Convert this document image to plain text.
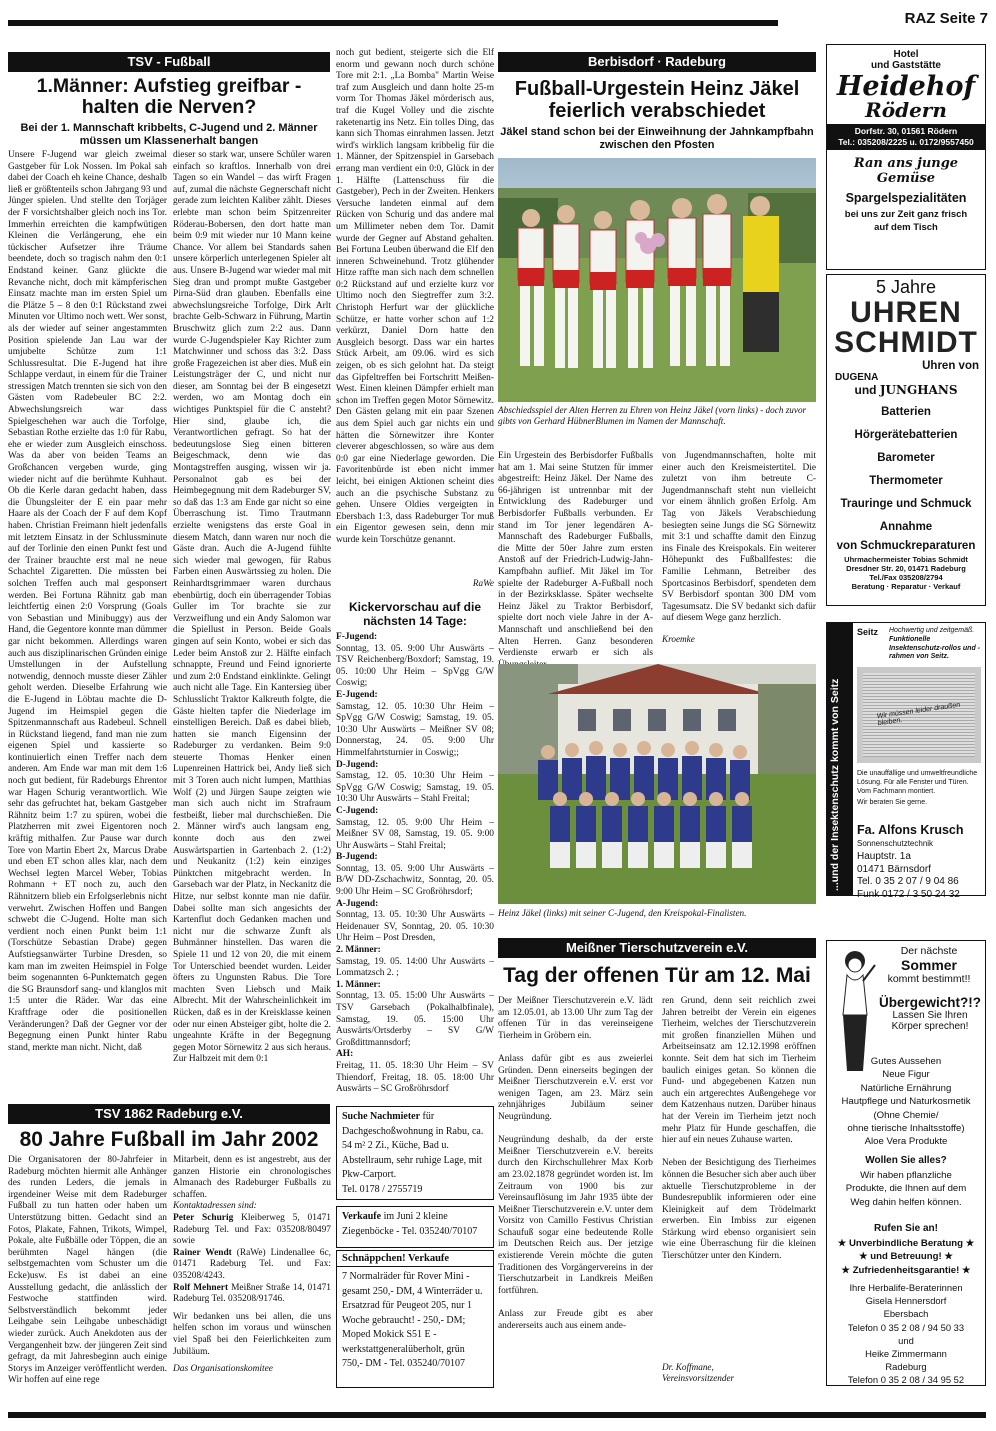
RAZ Seite 7
TSV - Fußball
1.Männer: Aufstieg greifbar - halten die Nerven?
Bei der 1. Mannschaft kribbelts, C-Jugend und 2. Männer müssen um Klassenerhalt bangen

Unsere F-Jugend war gleich zweimal Gastgeber für Lok Nossen. Im Pokal sah dabei der Coach eh keine Chance, deshalb ließ er größtenteils schon Jahrgang 93 und Jünger spielen. Und stellte den Torjäger der F vorsichtshalber gleich noch ins Tor. Immerhin erreichten die kampfwütigen Kleinen die Verlängerung, ehe ein tückischer Aufsetzer ihre Träume beendete, doch so tragisch nahm den 0:1 Endstand keiner. Ganz glückte die Revanche nicht, doch mit kämpferischen Einsatz machte man im ersten Spiel um die Plätze 5 – 8 den 0:1 Rückstand zwei Minuten vor Ultimo noch wett. Wer sonst, als der wieder auf seiner angestammten Position spielende Jan Lau war der umjubelte Schütze zum 1:1 Schlussresultat. Die E-Jugend hat ihre Schlappe verdaut, in einem für die Trainer stressigen Match trennten sie sich von den Gästen vom Radebeuler BC 2:2. Abwechslungsreich war dass Spielgeschehen war auch die Torfolge, Sebastian Rothe erzielte das 1:0 für Rabu, ehe er wieder zum Ausgleich einschoss. Was da aber von beiden Teams an Großchancen vergeben wurde, ging wieder nicht auf die berühmte Kuhhaut. Ob die Kerle daran gedacht haben, dass die Übungsleiter der E ein paar mehr Haare als der Coach der F auf dem Kopf haben. Christian Freimann hielt jedenfalls mit letztem Einsatz in der Schlussminute auf der Torlinie den einen Punkt fest und der Trainer brauchte erst mal ne neue Schachtel Zigaretten. Die müssten bei solchen Treffen auch mal gesponsert werden. Bei Fortuna Rähnitz gab man leichtfertig einen 2:0 Vorsprung (Goals von Sebastian und Minibuggy) aus der Hand, die Gegentore konnte man dümmer gar nicht bekommen. Allerdings waren auch aus disziplinarischen Gründen einige Umstellungen in der Aufstellung notwendig, dennoch musste dieser Zähler geholt werden. Dieselbe Erfahrung wie die E-Jugend in Löbtau machte die D-Jugend im Heimspiel gegen die Spitzenmannschaft aus Radebeul. Schnell in Rückstand liegend, fand man nie zum eigenen Spiel und kassierte so kontinuierlich einen Treffer nach dem anderen. Am Ende war man mit dem 1:6 noch gut bedient, für Radeburgs Ehrentor war Hagen Schurig verantwortlich. Wie sehr das gefruchtet hat, bekam Gastgeber Rähnitz beim 1:7 zu spüren, wobei die Platzherren mit zwei Eigentoren noch kräftig mithalfen. Zur Pause war durch Tore von Martin Ebert 2x, Marcus Drabe und eben ET schon alles klar, nach dem Wechsel legten Marcel Weber, Tobias Rohmann + ET noch zu, auch den Rähnitzern blieb ein Erfolgserlebnis nicht verwehrt. Zwischen Hoffen und Bangen schwebt die C-Jugend. Holte man sich verdient noch einen Punkt beim 1:1 (Torschütze Sebastian Drabe) gegen Aufstiegsanwärter Turbine Dresden, so kam man im zweiten Heimspiel in Folge beim sogenannten 6-Punktematch gegen die SG Braunsdorf sang- und klanglos mit 1:5 unter die Räder. War das eine Kraftfrage oder die positionellen Veränderungen? Daß der Gegner vor der Begegnung einen Punkt hinter Rabu stand, merkte man nicht. Nicht, daß

dieser so stark war, unsere Schüler waren einfach so kraftlos. Innerhalb von drei Tagen so ein Wandel – das wirft Fragen auf, zumal die nächste Gegnerschaft nicht gerade zum leichten Kaliber zählt. Dieses erlebte man schon beim Spitzenreiter Röderau-Bobersen, den dort hatte man beim 0:9 mit wieder nur 10 Mann keine Chance. Vor allem bei Standards sahen unsere körperlich unterlegenen Spieler alt aus. Unsere B-Jugend war wieder mal mit Sieg dran und prompt mußte Gastgeber Pirna-Süd dran glauben. Ebenfalls eine abwechslungsreiche Torfolge, Dirk Arlt brachte Gelb-Schwarz in Führung, Martin Bruschwitz glich zum 2:2 aus. Dann wurde C-Jugendspieler Kay Richter zum Matchwinner und schoss das 3:2. Dass große Fragezeichen ist aber dies. Muß ein Leistungsträger der C, und nicht nur dieser, am Sonntag bei der B eingesetzt werden, wo am Montag doch ein wichtiges Punktspiel für die C ansteht? Hier sind, glaube ich, die Verantwortlichen gefragt. So hat der bedeutungslose Sieg einen bitteren Beigeschmack, denn wie das Montagstreffen ausging, wissen wir ja. Personalnot gab es bei der Heimbegegnung mit dem Radeburger SV, so daß das 1:3 am Ende gar nicht so eine Überraschung ist. Timo Trautmann erzielte wenigstens das erste Goal in diesem Match, dann waren nur noch die Gäste dran. Auch die A-Jugend fühlte sich wieder mal gewogen, für Rabus Farben einen Auswärtssieg zu holen. Die Reinhardtsgrimmaer waren durchaus ebenbürtig, doch ein überragender Tobias Guller im Tor brachte sie zur Verzweiflung und ein Andy Salomon war die Spiellust in Person. Beide Goals gingen auf sein Konto, wobei er sich das Leder beim Anstoß zur 2. Hälfte einfach schnappte, Freund und Feind ignorierte und zum 2:0 Endstand einklinkte. Gelingt auch nicht alle Tage. Ein Kantersieg über Schlusslicht Traktor Kalkreuth folgte, die Gäste hielten tapfer die Niederlage im einstelligen Bereich. Daß es dabei blieb, hatten sie manch Eigensinn der Radeburger zu verdanken. Beim 9:0 steuerte Thomas Henker einen Lupenreinen Hattrick bei, Andy ließ sich mit 3 Toren auch nicht lumpen, Matthias Wolf (2) und Jürgen Saupe zeigten wie man sich auch nicht im Strafraum festbeißt, lieber mal durchschießen. Die 2. Männer wird's auch langsam eng, konnte doch aus den zwei Auswärtspartien in Gartenbach 2. (1:2) und Neukanitz (1:2) kein einziges Pünktchen mitgebracht werden. In Garsebach war der Platz, in Neckanitz die Hitze, nur selbst konnte man nie dafür. Dabei sollte man sich angesichts der Kartenflut doch Gedanken machen und nicht nur die schwarze Zunft als Buhmänner hinstellen. Das waren die Spiele 11 und 12 von 20, die mit einem Tor Unterschied beendet wurden. Leider öfters zu Ungunsten Rabus. Die Tore machten Sven Liebsch und Maik Albrecht. Mit der Wahrscheinlichkeit im Rücken, daß es in der Kreisklasse keinen oder nur einen Absteiger gibt, holte die 2. ungeahnte Kräfte in der Begegnung gegen Motor Sörnewitz 2 aus sich heraus. Zur Halbzeit mit dem 0:1

noch gut bedient, steigerte sich die Elf enorm und gewann noch durch schöne Tore mit 2:1. „La Bomba" Martin Weise traf zum Ausgleich und dann holte 25-m vorm Tor Thomas Jäkel mörderisch aus, traf die Kugel Volley und die zischte raketenartig ins Netz. Ein tolles Ding, das kann sich Thomas einrahmen lassen. Jetzt wird's wirklich langsam kribbelig für die 1. Männer, der Spitzenspiel in Garsebach errang man verdient ein 0:0, Glück in der 1. Hälfte (Lattenschuss für die Gastgeber), Pech in der Zweiten. Henkers Versuche landeten einmal auf dem Rücken von Schurig und das andere mal um Millimeter neben dem Tor. Damit wurde der Gegner auf Abstand gehalten. Bei Fortuna Leuben überwand die Elf den inneren Schweinehund. Trotz glühender Hitze raffte man sich nach dem schnellen 0:2 Rückstand auf und erzielte kurz vor Ultimo noch den Siegtreffer zum 3:2. Christoph Herfurt war der glückliche Schütze, er hatte vorher schon auf 1:2 verkürzt, Daniel Dorn hatte den Ausgleich besorgt. Dass war ein hartes Stück Arbeit, am 09.06. wird es sich zeigen, ob es sich gelohnt hat. Da steigt das Gipfeltreffen bei Fortschritt Meißen-West. Einen kleinen Dämpfer erhielt man schon im Treffen gegen Motor Sörnewitz. Den Gästen gelang mit ein paar Szenen aus dem Spiel auch gar nichts ein und hätten die Sörnewitzer ihre Konter cleverer abgeschlossen, so wäre aus dem 0:0 gar eine Niederlage geworden. Die Favoritenbürde ist eben nicht immer leicht, bei einigen Aktionen scheint dies auch an die psychische Substanz zu gehen. Unsere Oldies vergeigten in Ebersbach 1:3, dass Radeburger Tor muß ein Eigentor gewesen sein, denn mir wurde kein Torschütze genannt.

RaWe
Kickervorschau auf die nächsten 14 Tage:
F-Jugend:
Sonntag, 13. 05. 9:00 Uhr Auswärts – TSV Reichenberg/Boxdorf; Samstag, 19. 05. 10:00 Uhr Heim – SpVgg G/W Coswig;
E-Jugend:
Samstag, 12. 05. 10:30 Uhr Heim – SpVgg G/W Coswig; Samstag, 19. 05. 10:30 Uhr Auswärts – Meißner SV 08; Donnerstag, 24. 05. 9:00 Uhr Himmelfahrtsturnier in Coswig;;
D-Jugend:
Samstag, 12. 05. 10:30 Uhr Heim – SpVgg G/W Coswig; Samstag, 19. 05. 10:30 Uhr Auswärts – Stahl Freital;
C-Jugend:
Samstag, 12. 05. 9:00 Uhr Heim – Meißner SV 08, Samstag, 19. 05. 9:00 Uhr Auswärts – Stahl Freital;
B-Jugend:
Sonntag, 13. 05. 9:00 Uhr Auswärts – B/W DD-Zschachwitz, Sonntag, 20. 05. 9:00 Uhr Heim – SC Großröhrsdorf;
A-Jugend:
Sonntag, 13. 05. 10:30 Uhr Auswärts – Heidenauer SV, Sonntag, 20. 05. 10:30 Uhr Heim – Post Dresden,
2. Männer:
Samstag, 19. 05. 14:00 Uhr Auswärts – Lommatzsch 2. ;
1. Männer:
Sonntag, 13. 05. 15:00 Uhr Auswärts – TSV Garsebach (Pokalhalbfinale), Samstag, 19. 05. 15:00 Uhr Auswärts/Ortsderby – SV G/W Großdittmannsdorf;
AH:
Freitag, 11. 05. 18:30 Uhr Heim – SV Thiendorf, Freitag, 18. 05. 18:00 Uhr Auswärts – SC Großröhrsdorf
TSV 1862 Radeburg e.V.
80 Jahre Fußball im Jahr 2002

Die Organisatoren der 80-Jahrfeier in Radeburg möchten hiermit alle Anhänger des runden Leders, die jemals in irgendeiner Weise mit dem Radeburger Fußball zu tun hatten oder haben um Unterstützung bitten. Gedacht sind an Fotos, Plakate, Fahnen, Trikots, Wimpel, Pokale, alte Fußbälle oder Töppen, die an berühmten Nagel hängen (die selbstgemachten vom Schuster um die Ecke)usw. Es ist dabei an eine Ausstellung gedacht, die anlässlich der Festwoche stattfinden wird. Selbstverständlich bekommt jeder Leihgabe sein Leihgabe unbeschädigt wieder zurück. Auch Anekdoten aus der Vergangenheit bzw. der jüngeren Zeit sind gefragt, da mit Jahresbeginn auch einige Storys im Anzeiger veröffentlicht werden. Wir hoffen auf eine rege

Mitarbeit, denn es ist angestrebt, aus der ganzen Historie ein chronologisches Almanach des Radeburger Fußballs zu schaffen.

Kontaktadressen sind:

Peter Schurig Kleiberweg 5, 01471 Radeburg Tel. und Fax: 035208/80497 sowie

Rainer Wendt (RaWe) Lindenallee 6c, 01471 Radeburg Tel. und Fax: 035208/4243.

Rolf Mehnert Meißner Straße 14, 01471 Radeburg Tel. 035208/91746.

Wir bedanken uns bei allen, die uns helfen schon im voraus und wünschen viel Spaß bei den Feierlichkeiten zum Jubiläum.

Das Organisationskomitee

Suche Nachmieter für Dachgeschoßwohnung in Rabu, ca. 54 m² 2 Zi., Küche, Bad u. Abstellraum, sehr ruhige Lage, mit Pkw-Carport.
Tel. 0178 / 2755719
Verkaufe im Juni 2 kleine Ziegenböcke - Tel. 035240/70107
Schnäppchen! Verkaufe
7 Normalräder für Rover Mini - gesamt 250,- DM, 4 Winterräder u. Ersatzrad für Peugeot 205, nur 1 Woche gebraucht! - 250,- DM; Moped Mokick S51 E - werkstattgeneralüberholt, grün 750,- DM - Tel. 035240/70107
Berbisdorf · Radeburg
Fußball-Urgestein Heinz Jäkel feierlich verabschiedet
Jäkel stand schon bei der Einweihnung der Jahnkampfbahn zwischen den Pfosten
Abschiedsspiel der Alten Herren zu Ehren von Heinz Jäkel (vorn links) - doch zuvor gibts von Gerhard HübnerBlumen im Namen der Mannschaft.

Ein Urgestein des Berbisdorfer Fußballs hat am 1. Mai seine Stutzen für immer abgestreift: Heinz Jäkel. Der Name des 66-jährigen ist untrennbar mit der Entwicklung des Radeburger und Berbisdorfer Fußballs verbunden. Er stand im Tor jener legendären A-Mannschaft des Radeburger Fußballs, die Mitte der 50er Jahre zum ersten Anstoß auf der Friedrich-Ludwig-Jahn-Kampfbahn auflief. Mit Jäkel im Tor spielte der Radeburger A-Fußball noch in der Bezirksklasse. Später wechselte Heinz Jäkel zu Traktor Berbisdorf, spielte dort noch viele Jahre in der A-Mannschaft und anschließend bei den Alten Herren. Ganz besonderen Verdienste erwarb er sich als

von Jugendmannschaften, holte mit einer auch den Kreismeistertitel. Die zuletzt von ihm betreute C-Jugendmannschaft steht nun vielleicht vor einem ähnlich großen Erfolg. Am Tag von Jäkels Verabschiedung besiegten seine Jungs die SG Sörnewitz mit 3:1 und schaffte damit den Einzug ins Finale des Kreispokals. Ein weiterer Höhepunkt des Fußballfestes: die Familie Lehmann, Betreiber des Sportcasinos Berbisdorf, spendeten dem SV Berbisdorf spontan 300 DM vom Tagesumsatz. Die SV bedankt sich dafür auf diesem Wege ganz herzlich.

Kroemke
Heinz Jäkel (links) mit seiner C-Jugend, den Kreispokal-Finalisten.
Meißner Tierschutzverein e.V.
Tag der offenen Tür am 12. Mai

Der Meißner Tierschutzverein e.V. lädt am 12.05.01, ab 13.00 Uhr zum Tag der offenen Tür in das vereinseigene Tierheim in Gröbern ein.

Anlass dafür gibt es aus zweierlei Gründen. Denn einerseits begingen der Meißner Tierschutzverein e.V. erst vor wenigen Tagen, am 23. März sein zehnjähriges Jubiläum seiner Neugründung.

Neugründung deshalb, da der erste Meißner Tierschutzverein e.V. bereits durch den Kirchschullehrer Max Korb am 23.02.1878 gegründet worden ist. Im Zeitraum von 1900 bis zur Vereinsauflösung im Jahr 1935 übte der Meißner Tierschutzverein e.V. unter dem Vorsitz von Camillo Festivus Christian Schaufuß sogar eine bedeutende Rolle im Deutschen Reich aus. Der jetzige existierende Verein möchte die guten Traditionen des Vorgängervereins in der Tierschutzarbeit in Landkreis Meißen fortführen.

Anlass zur Freude gibt es aber andererseits auch aus einem ande-

ren Grund, denn seit reichlich zwei Jahren betreibt der Verein ein eigenes Tierheim, welches der Tierschutzverein mit großen finanziellen Mühen und Arbeitseinsatz am 12.12.1998 eröffnen konnte. Seit dem hat sich im Tierheim baulich einiges getan. So können die Fund- und abgegebenen Katzen nun auch ein artgerechtes Außengehege vor dem Katzenhaus nutzen. Darüber hinaus hat der Verein im Tierheim jetzt noch mehr Platz für Hunde geschaffen, die hier auf ein neues Zuhause warten.

Neben der Besichtigung des Tierheimes können die Besucher sich aber auch über aktuelle Tierschutzprobleme in der Bundesrepublik informieren oder eine Kleinigkeit auf dem Trödelmarkt erwerben. Ein Imbiss zur eigenen Stärkung wird ebenso organisiert sein wie eine Überraschung für die kleinen Tierschützer unter den Kindern.

Dr. Koffmane,
Vereinsvorsitzender
Hotel
und Gaststätte
Heidehof
Rödern
Dorfstr. 30, 01561 Rödern
Tel.: 035208/2225 u. 0172/9557450
Ran ans junge Gemüse
Spargelspezialitäten
bei uns zur Zeit ganz frisch auf dem Tisch
5 Jahre
UHREN
SCHMIDT
Uhren von
DUGENA
und JUNGHANS
Batterien
Hörgerätebatterien
Barometer
Thermometer
Trauringe und Schmuck
Annahme
von Schmuckreparaturen
Uhrmachermeister Tobias Schmidt
Dresdner Str. 20, 01471 Radeburg
Tel./Fax 035208/2794
Beratung · Reparatur · Verkauf
...und der Insektenschutz kommt von Seitz
Seitz Hochwertig und zeitgemäß.
Funktionelle Insektenschutz-rollos und -rahmen von Seitz.
Wir müssen leider draußen bleiben.
Die unauffällige und umweltfreundliche Lösung. Für alle Fenster und Türen. Vom Fachmann montiert.
Wir beraten Sie gerne.
Fa. Alfons Krusch
Sonnenschutztechnik
Hauptstr. 1a
01471 Bärnsdorf
Tel. 0 35 2 07 / 9 04 86
Funk 0172 / 3 50 24 32
Der nächste
Sommer
kommt bestimmt!!
Übergewicht?!?
Lassen Sie Ihren
Körper sprechen!
Gutes Aussehen
Neue Figur
Natürliche Ernährung
Hautpflege und Naturkosmetik
(Ohne Chemie/
ohne tierische Inhaltsstoffe)
Aloe Vera Produkte
Wollen Sie alles?
Wir haben pflanzliche Produkte, die Ihnen auf dem Weg dahin helfen können.
Rufen Sie an!
★ Unverbindliche Beratung ★
★ und Betreuung! ★
★ Zufriedenheitsgarantie! ★
Ihre Herbalife-Beraterinnen
Gisela Hennersdorf
Ebersbach
Telefon 0 35 2 08 / 94 50 33
und
Heike Zimmermann
Radeburg
Telefon 0 35 2 08 / 34 95 52
